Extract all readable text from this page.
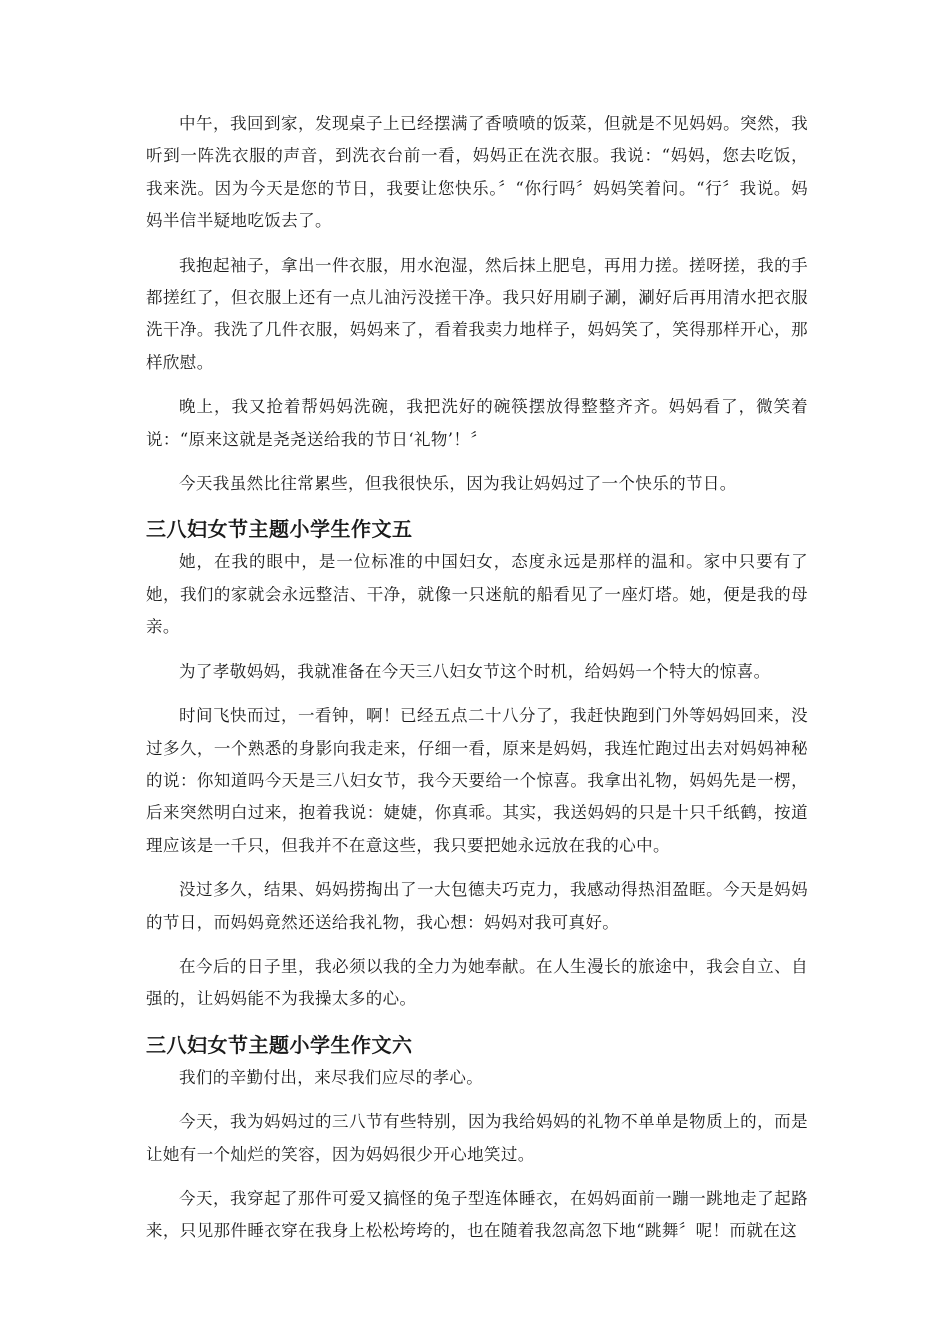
中午，我回到家，发现桌子上已经摆满了香喷喷的饭菜，但就是不见妈妈。突然，我听到一阵洗衣服的声音，到洗衣台前一看，妈妈正在洗衣服。我说：“妈妈，您去吃饭，我来洗。因为今天是您的节日，我要让您快乐。〞“你行吗〞妈妈笑着问。“行〞我说。妈妈半信半疑地吃饭去了。

我抱起袖子，拿出一件衣服，用水泡湿，然后抹上肥皂，再用力搓。搓呀搓，我的手都搓红了，但衣服上还有一点儿油污没搓干净。我只好用刷子涮，涮好后再用清水把衣服洗干净。我洗了几件衣服，妈妈来了，看着我卖力地样子，妈妈笑了，笑得那样开心，那样欣慰。

晚上，我又抢着帮妈妈洗碗，我把洗好的碗筷摆放得整整齐齐。妈妈看了，微笑着说：“原来这就是尧尧送给我的节日‘礼物’！〞

今天我虽然比往常累些，但我很快乐，因为我让妈妈过了一个快乐的节日。

三八妇女节主题小学生作文五

她，在我的眼中，是一位标准的中国妇女，态度永远是那样的温和。家中只要有了她，我们的家就会永远整洁、干净，就像一只迷航的船看见了一座灯塔。她，便是我的母亲。

为了孝敬妈妈，我就准备在今天三八妇女节这个时机，给妈妈一个特大的惊喜。

时间飞快而过，一看钟，啊！已经五点二十八分了，我赶快跑到门外等妈妈回来，没过多久，一个熟悉的身影向我走来，仔细一看，原来是妈妈，我连忙跑过出去对妈妈神秘的说：你知道吗今天是三八妇女节，我今天要给一个惊喜。我拿出礼物，妈妈先是一楞，后来突然明白过来，抱着我说：婕婕，你真乖。其实，我送妈妈的只是十只千纸鹤，按道理应该是一千只，但我并不在意这些，我只要把她永远放在我的心中。

没过多久，结果、妈妈捞掏出了一大包德夫巧克力，我感动得热泪盈眶。今天是妈妈的节日，而妈妈竟然还送给我礼物，我心想：妈妈对我可真好。

在今后的日子里，我必须以我的全力为她奉献。在人生漫长的旅途中，我会自立、自强的，让妈妈能不为我操太多的心。

三八妇女节主题小学生作文六

我们的辛勤付出，来尽我们应尽的孝心。

今天，我为妈妈过的三八节有些特别，因为我给妈妈的礼物不单单是物质上的，而是让她有一个灿烂的笑容，因为妈妈很少开心地笑过。

今天，我穿起了那件可爱又搞怪的兔子型连体睡衣，在妈妈面前一蹦一跳地走了起路来，只见那件睡衣穿在我身上松松垮垮的，也在随着我忽高忽下地“跳舞〞呢！而就在这
